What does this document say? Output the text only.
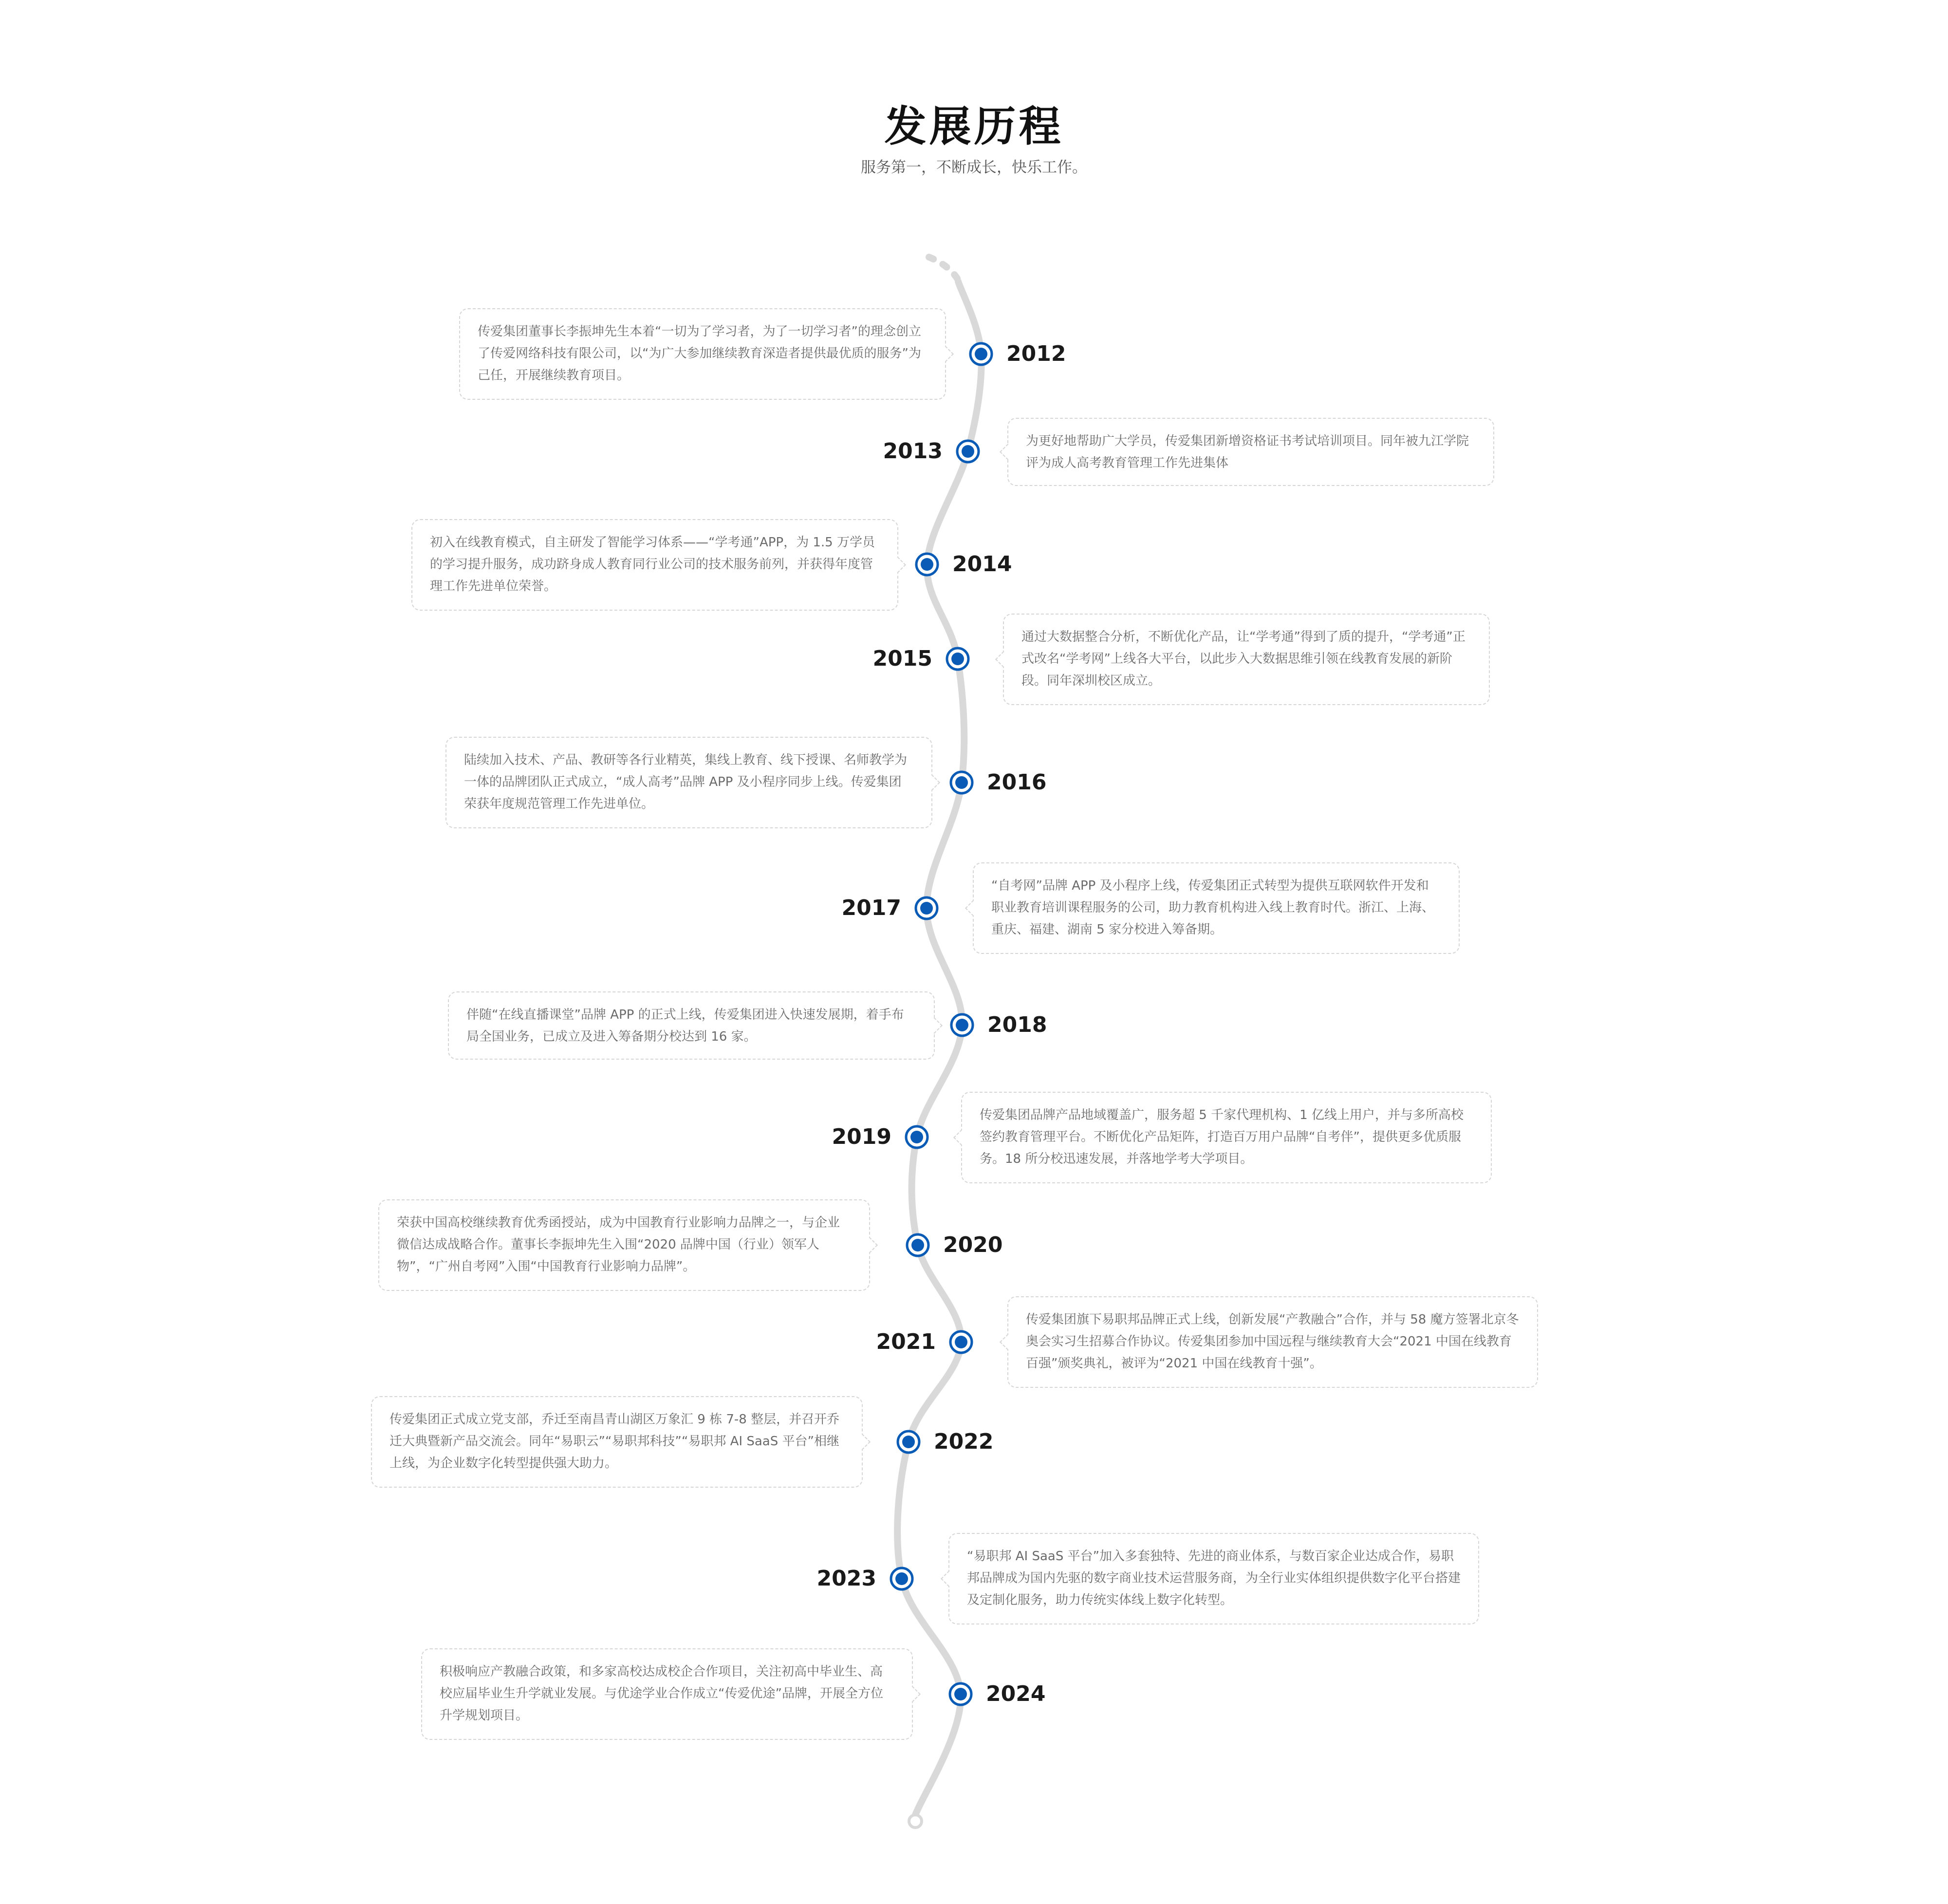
发展历程
服务第一，不断成长，快乐工作。
2012
传爱集团董事长李振坤先生本着“一切为了学习者，为了一切学习者”的理念创立了传爱网络科技有限公司，以“为广大参加继续教育深造者提供最优质的服务”为己任，开展继续教育项目。
2013	为更好地帮助广大学员，传爱集团新增资格证书考试培训项目。同年被九江学院评为成人高考教育管理工作先进集体
2014
初入在线教育模式，自主研发了智能学习体系——“学考通”APP，为 1.5 万学员的学习提升服务，成功跻身成人教育同行业公司的技术服务前列，并获得年度管理工作先进单位荣誉。
2015
通过大数据整合分析，不断优化产品，让“学考通”得到了质的提升，“学考通”正式改名“学考网”上线各大平台，以此步入大数据思维引领在线教育发展的新阶段。同年深圳校区成立。
2016
陆续加入技术、产品、教研等各行业精英，集线上教育、线下授课、名师教学为一体的品牌团队正式成立，“成人高考”品牌 APP 及小程序同步上线。传爱集团荣获年度规范管理工作先进单位。
2017
“自考网”品牌 APP 及小程序上线，传爱集团正式转型为提供互联网软件开发和职业教育培训课程服务的公司，助力教育机构进入线上教育时代。浙江、上海、重庆、福建、湖南 5 家分校进入筹备期。
2018
伴随“在线直播课堂”品牌 APP 的正式上线，传爱集团进入快速发展期，着手布局全国业务，已成立及进入筹备期分校达到 16 家。
2019
传爱集团品牌产品地域覆盖广，服务超 5 千家代理机构、1 亿线上用户，并与多所高校签约教育管理平台。不断优化产品矩阵，打造百万用户品牌“自考伴”，提供更多优质服务。18 所分校迅速发展，并落地学考大学项目。
2020
荣获中国高校继续教育优秀函授站，成为中国教育行业影响力品牌之一，与企业微信达成战略合作。董事长李振坤先生入围“2020 品牌中国（行业）领军人物”，“广州自考网”入围“中国教育行业影响力品牌”。
2021
传爱集团旗下易职邦品牌正式上线，创新发展“产教融合”合作，并与 58 魔方签署北京冬奥会实习生招募合作协议。传爱集团参加中国远程与继续教育大会“2021 中国在线教育百强”颁奖典礼，被评为“2021 中国在线教育十强”。
2022
传爱集团正式成立党支部，乔迁至南昌青山湖区万象汇 9 栋 7-8 整层，并召开乔迁大典暨新产品交流会。同年“易职云”“易职邦科技”“易职邦 AI SaaS 平台”相继上线，为企业数字化转型提供强大助力。
2023
“易职邦 AI SaaS 平台”加入多套独特、先进的商业体系，与数百家企业达成合作，易职邦品牌成为国内先驱的数字商业技术运营服务商，为全行业实体组织提供数字化平台搭建及定制化服务，助力传统实体线上数字化转型。
2024
积极响应产教融合政策，和多家高校达成校企合作项目，关注初高中毕业生、高校应届毕业生升学就业发展。与优途学业合作成立“传爱优途”品牌，开展全方位升学规划项目。
